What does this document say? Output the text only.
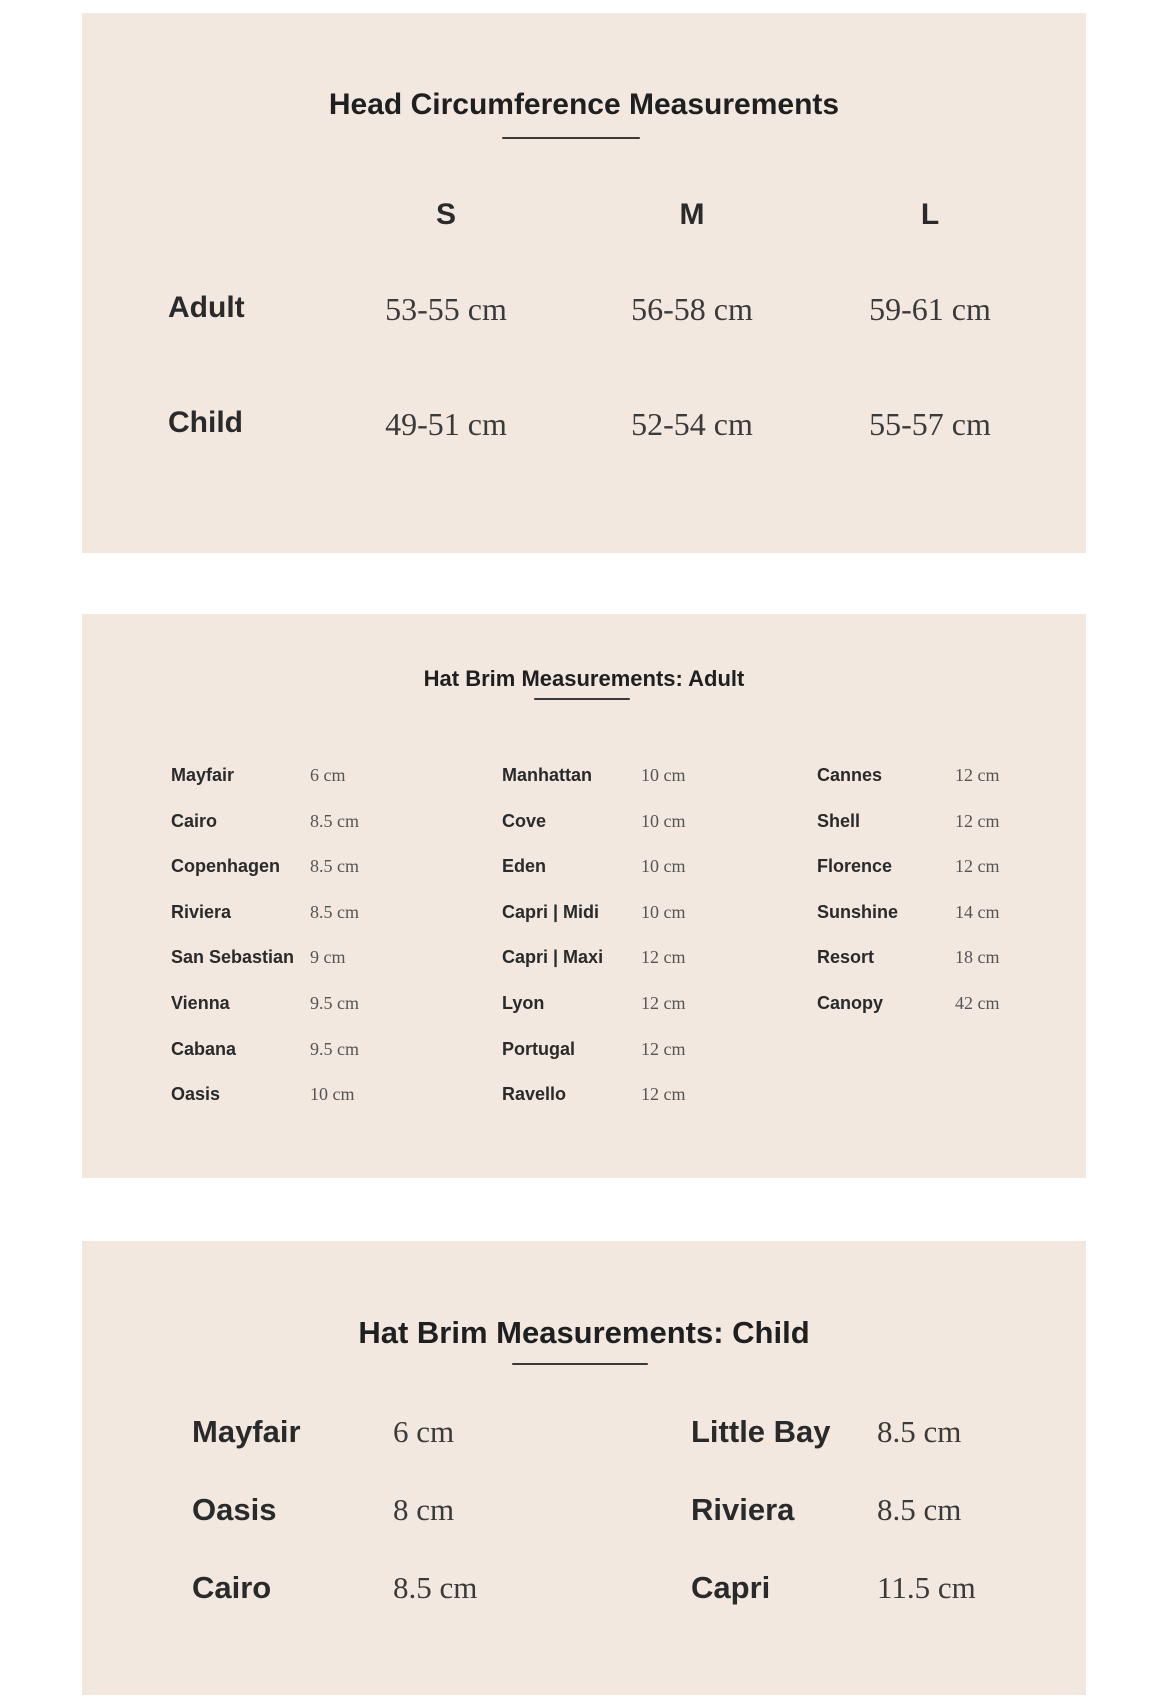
Head Circumference Measurements
S	M	L
Adult	53-55 cm	56-58 cm	59-61 cm
Child	49-51 cm	52-54 cm	55-57 cm
Hat Brim Measurements: Adult
Mayfair	6 cm
Cairo	8.5 cm
Copenhagen 8.5 cm
Riviera	8.5 cm
San Sebastian 9 cm
Vienna	9.5 cm
Cabana	9.5 cm
Oasis	10 cm
Manhattan	10 cm
Cove	10 cm
Eden	10 cm
Capri | Midi 10 cm
Capri | Maxi 12 cm
Lyon	12 cm
Portugal	12 cm
Ravello	12 cm
Cannes	12 cm
Shell	12 cm
Florence	12 cm
Sunshine	14 cm
Resort	18 cm
Canopy	42 cm
Hat Brim Measurements: Child
Mayfair	6 cm
Oasis	8 cm
Cairo	8.5 cm
Little Bay 8.5 cm
Riviera	8.5 cm
Capri	11.5 cm
